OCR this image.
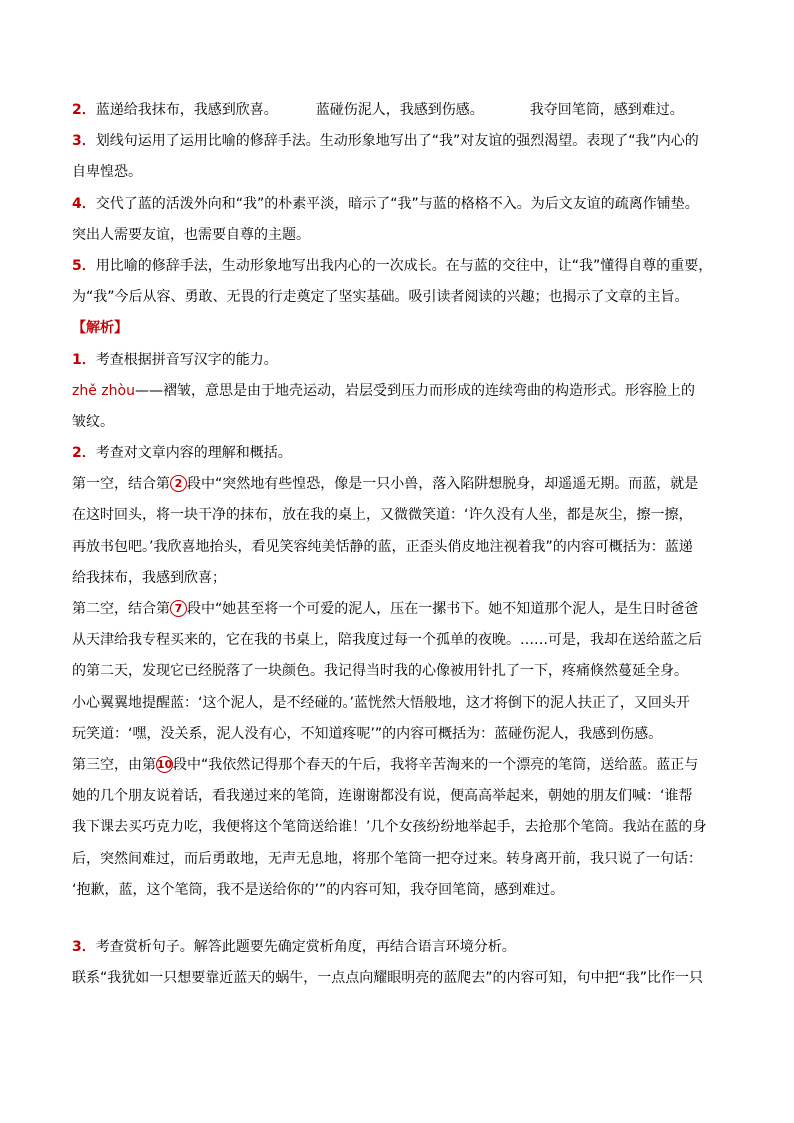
2．蓝递给我抹布，我感到欣喜。	蓝碰伤泥人，我感到伤感。	我夺回笔筒，感到难过。
3．划线句运用了运用比喻的修辞手法。生动形象地写出了“我”对友谊的强烈渴望。表现了“我”内心的
自卑惶恐。
4．交代了蓝的活泼外向和“我”的朴素平淡，暗示了“我”与蓝的格格不入。为后文友谊的疏离作铺垫。
突出人需要友谊，也需要自尊的主题。
5．用比喻的修辞手法，生动形象地写出我内心的一次成长。在与蓝的交往中，让“我”懂得自尊的重要，
为“我”今后从容、勇敢、无畏的行走奠定了坚实基础。吸引读者阅读的兴趣；也揭示了文章的主旨。
【解析】
1．考查根据拼音写汉字的能力。
zhě zhòu——褶皱，意思是由于地壳运动，岩层受到压力而形成的连续弯曲的构造形式。形容脸上的
皱纹。
2．考查对文章内容的理解和概括。
第一空，结合第 2 段中“突然地有些惶恐，像是一只小兽，落入陷阱想脱身，却遥遥无期。而蓝，就是
在这时回头，将一块干净的抹布，放在我的桌上，又微微笑道：‘许久没有人坐，都是灰尘，擦一擦，
再放书包吧。’我欣喜地抬头，看见笑容纯美恬静的蓝，正歪头俏皮地注视着我”的内容可概括为：蓝递
给我抹布，我感到欣喜；
第二空，结合第 7 段中“她甚至将一个可爱的泥人，压在一摞书下。她不知道那个泥人，是生日时爸爸
从天津给我专程买来的，它在我的书桌上，陪我度过每一个孤单的夜晚。……可是，我却在送给蓝之后
的第二天，发现它已经脱落了一块颜色。我记得当时我的心像被用针扎了一下，疼痛倏然蔓延全身。
小心翼翼地提醒蓝：‘这个泥人，是不经碰的。’蓝恍然大悟般地，这才将倒下的泥人扶正了，又回头开
玩笑道：‘嘿，没关系，泥人没有心，不知道疼呢’”的内容可概括为：蓝碰伤泥人，我感到伤感。
第三空，由第10段中“我依然记得那个春天的午后，我将辛苦淘来的一个漂亮的笔筒，送给蓝。蓝正与
她的几个朋友说着话，看我递过来的笔筒，连谢谢都没有说，便高高举起来，朝她的朋友们喊：‘谁帮
我下课去买巧克力吃，我便将这个笔筒送给谁！’几个女孩纷纷地举起手，去抢那个笔筒。我站在蓝的身
后，突然间难过，而后勇敢地，无声无息地，将那个笔筒一把夺过来。转身离开前，我只说了一句话：
‘抱歉，蓝，这个笔筒，我不是送给你的’”的内容可知，我夺回笔筒，感到难过。
3．考查赏析句子。解答此题要先确定赏析角度，再结合语言环境分析。
联系“我犹如一只想要靠近蓝天的蜗牛，一点点向耀眼明亮的蓝爬去”的内容可知，句中把“我”比作一只
